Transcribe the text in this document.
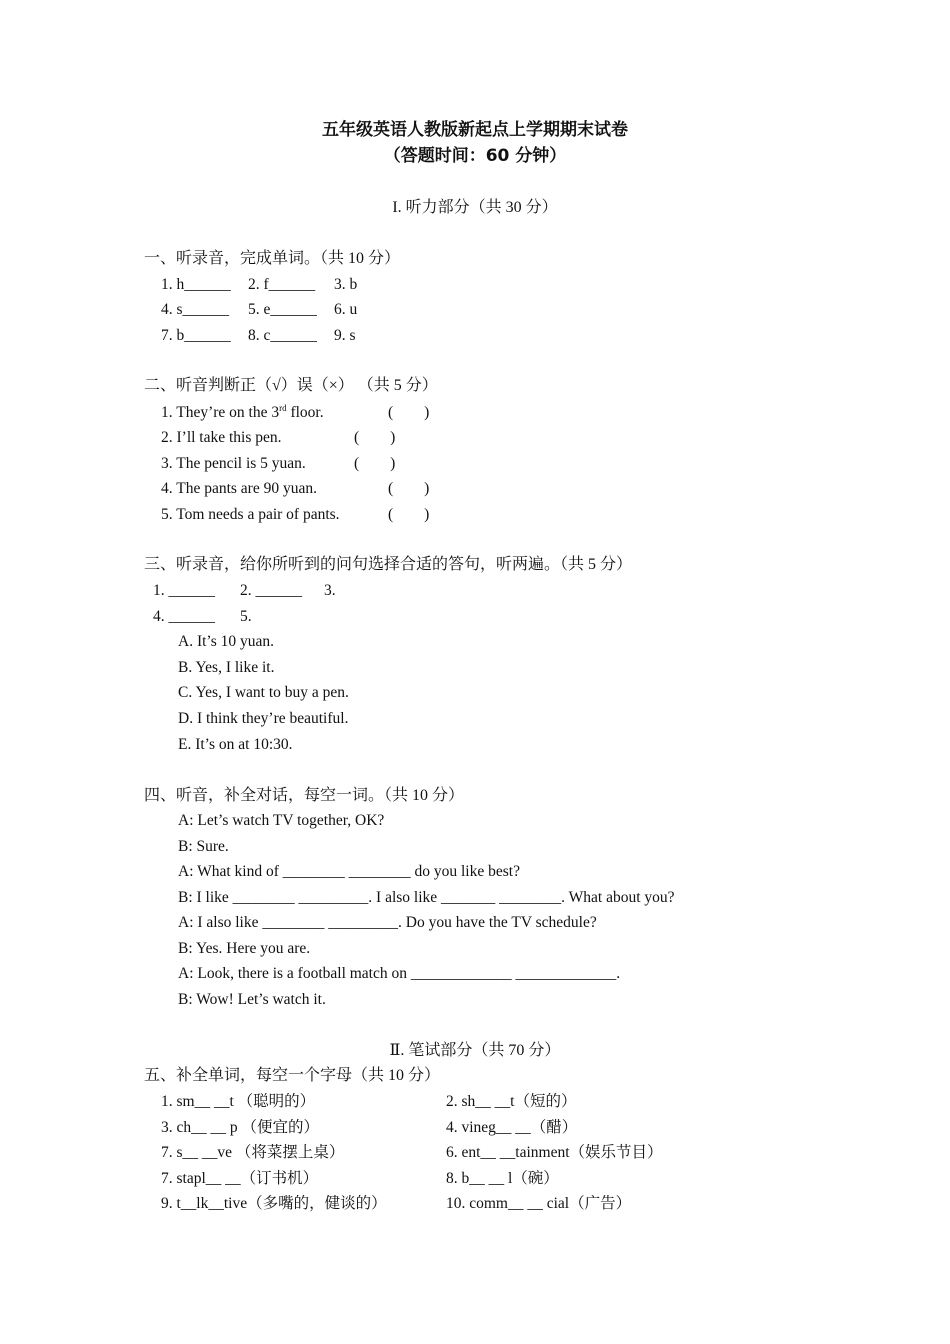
五年级英语人教版新起点上学期期末试卷
（答题时间：60 分钟）
I. 听力部分（共 30 分）
一、听录音，完成单词。（共 10 分）
1. h______ 2. f______ 3. b
4. s______ 5. e______ 6. u
7. b______ 8. c______ 9. s
二、听音判断正（√）误（×） （共 5 分）
1. They’re on the 3rd floor.	(        )
2. I’ll take this pen.	(        )
3. The pencil is 5 yuan.	(        )
4. The pants are 90 yuan.	(        )
5. Tom needs a pair of pants.	(        )
三、听录音，给你所听到的问句选择合适的答句，听两遍。（共 5 分）
1. ______ 2. ______ 3.
4. ______ 5.
A. It’s 10 yuan.
B. Yes, I like it.
C. Yes, I want to buy a pen.
D. I think they’re beautiful.
E. It’s on at 10:30.
四、听音，补全对话，每空一词。（共 10 分）
A: Let’s watch TV together, OK?
B: Sure.
A: What kind of ________ ________ do you like best?
B: I like ________ _________. I also like _______ ________. What about you?
A: I also like ________ _________. Do you have the TV schedule?
B: Yes. Here you are.
A: Look, there is a football match on _____________ _____________.
B: Wow! Let’s watch it.
Ⅱ. 笔试部分（共 70 分）
五、补全单词，每空一个字母（共 10 分）
1. sm__ __t （聪明的）	2. sh__ __t（短的）
3. ch__ __ p （便宜的）	4. vineg__ __（醋）
7. s__ __ve （将菜摆上桌）	6. ent__ __tainment（娱乐节目）
7. stapl__ __（订书机）	8. b__ __ l（碗）
9. t__lk__tive（多嘴的，健谈的）	10. comm__ __ cial（广告）
